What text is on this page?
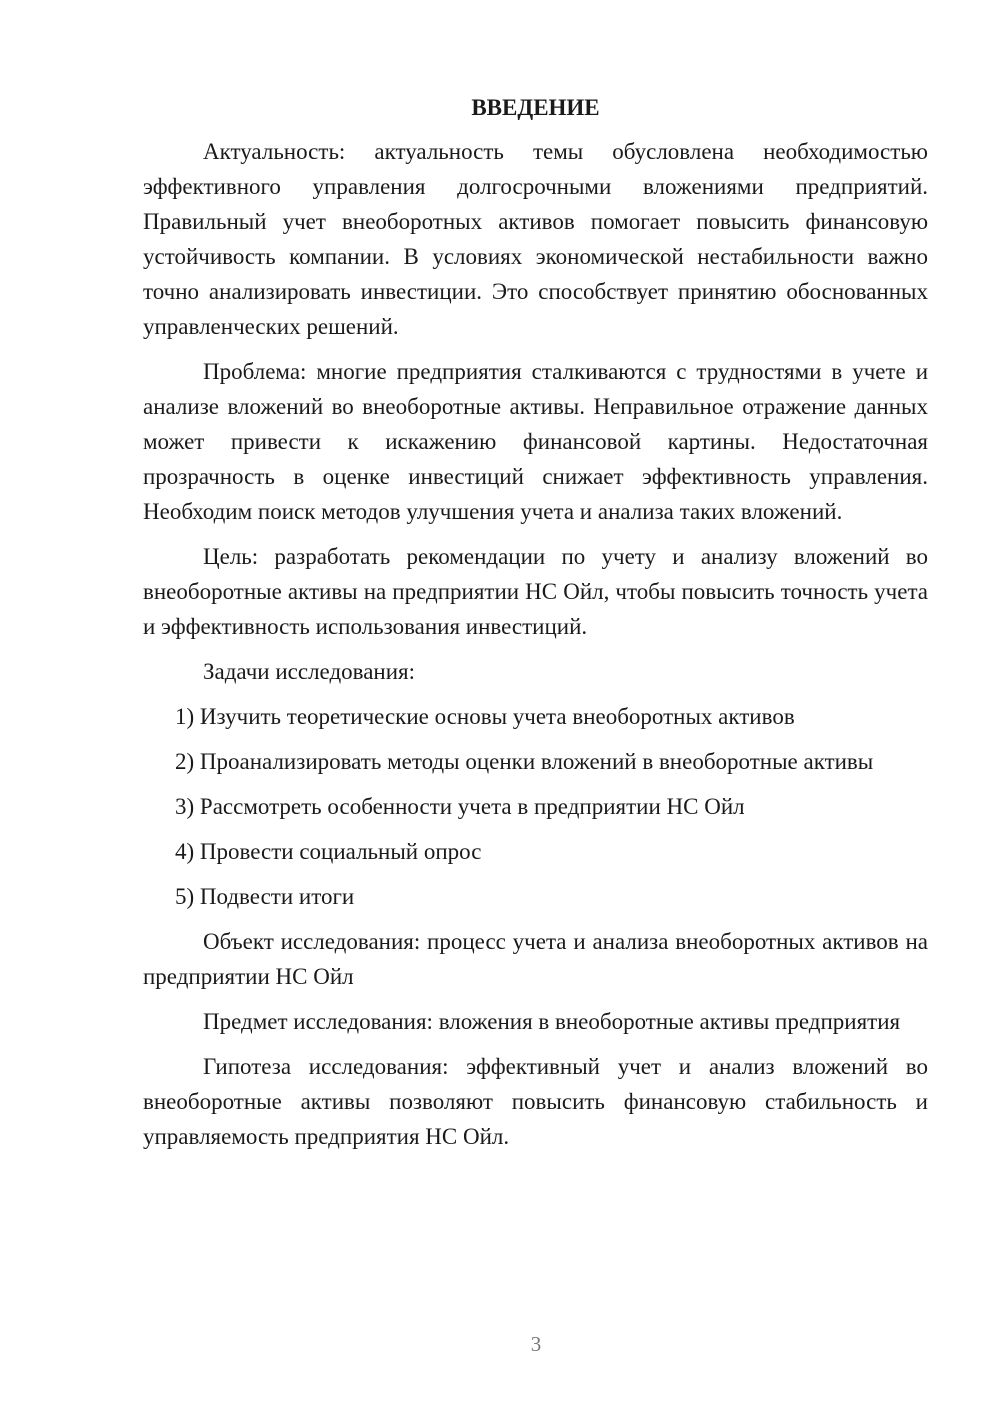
ВВЕДЕНИЕ

Актуальность: актуальность темы обусловлена необходимостью эффективного управления долгосрочными вложениями предприятий. Правильный учет внеоборотных активов помогает повысить финансовую устойчивость компании. В условиях экономической нестабильности важно точно анализировать инвестиции. Это способствует принятию обоснованных управленческих решений.

Проблема: многие предприятия сталкиваются с трудностями в учете и анализе вложений во внеоборотные активы. Неправильное отражение данных может привести к искажению финансовой картины. Недостаточная прозрачность в оценке инвестиций снижает эффективность управления. Необходим поиск методов улучшения учета и анализа таких вложений.

Цель: разработать рекомендации по учету и анализу вложений во внеоборотные активы на предприятии НС Ойл, чтобы повысить точность учета и эффективность использования инвестиций.

Задачи исследования:

1) Изучить теоретические основы учета внеоборотных активов

2) Проанализировать методы оценки вложений в внеоборотные активы

3) Рассмотреть особенности учета в предприятии НС Ойл

4) Провести социальный опрос

5) Подвести итоги

Объект исследования: процесс учета и анализа внеоборотных активов на предприятии НС Ойл

Предмет исследования: вложения в внеоборотные активы предприятия

Гипотеза исследования: эффективный учет и анализ вложений во внеоборотные активы позволяют повысить финансовую стабильность и управляемость предприятия НС Ойл.

3
